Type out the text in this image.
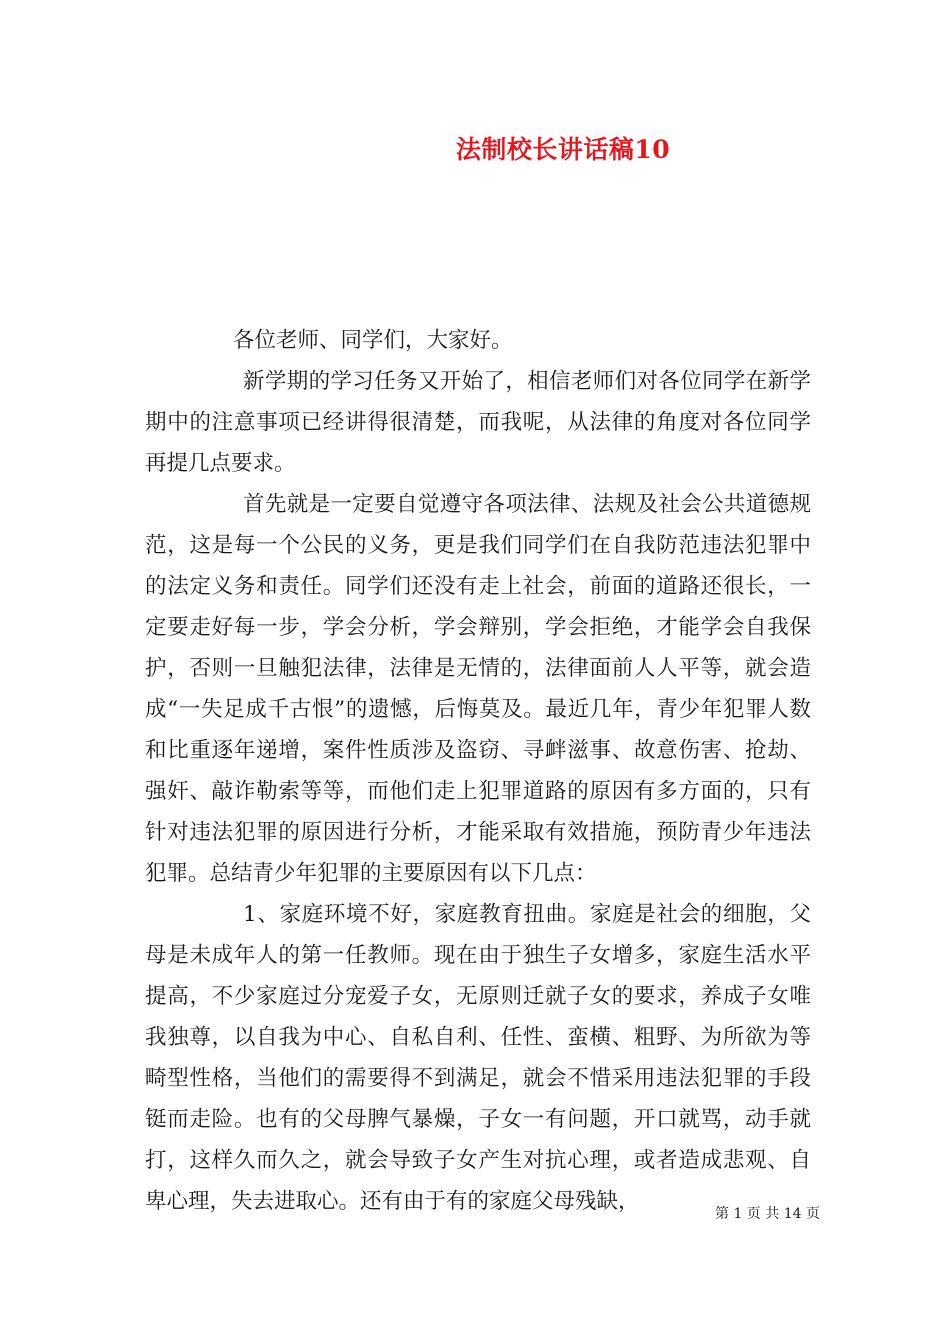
法制校长讲话稿10

各位老师、同学们，大家好。

新学期的学习任务又开始了，相信老师们对各位同学在新学期中的注意事项已经讲得很清楚，而我呢，从法律的角度对各位同学再提几点要求。

首先就是一定要自觉遵守各项法律、法规及社会公共道德规范，这是每一个公民的义务，更是我们同学们在自我防范违法犯罪中的法定义务和责任。同学们还没有走上社会，前面的道路还很长，一定要走好每一步，学会分析，学会辩别，学会拒绝，才能学会自我保护，否则一旦触犯法律，法律是无情的，法律面前人人平等，就会造成“一失足成千古恨”的遗憾，后悔莫及。最近几年，青少年犯罪人数和比重逐年递增，案件性质涉及盗窃、寻衅滋事、故意伤害、抢劫、强奸、敲诈勒索等等，而他们走上犯罪道路的原因有多方面的，只有针对违法犯罪的原因进行分析，才能采取有效措施，预防青少年违法犯罪。总结青少年犯罪的主要原因有以下几点：

1、家庭环境不好，家庭教育扭曲。家庭是社会的细胞，父母是未成年人的第一任教师。现在由于独生子女增多，家庭生活水平提高，不少家庭过分宠爱子女，无原则迁就子女的要求，养成子女唯我独尊，以自我为中心、自私自利、任性、蛮横、粗野、为所欲为等畸型性格，当他们的需要得不到满足，就会不惜采用违法犯罪的手段铤而走险。也有的父母脾气暴燥，子女一有问题，开口就骂，动手就打，这样久而久之，就会导致子女产生对抗心理，或者造成悲观、自卑心理，失去进取心。还有由于有的家庭父母残缺，	第 1 页 共 14 页
